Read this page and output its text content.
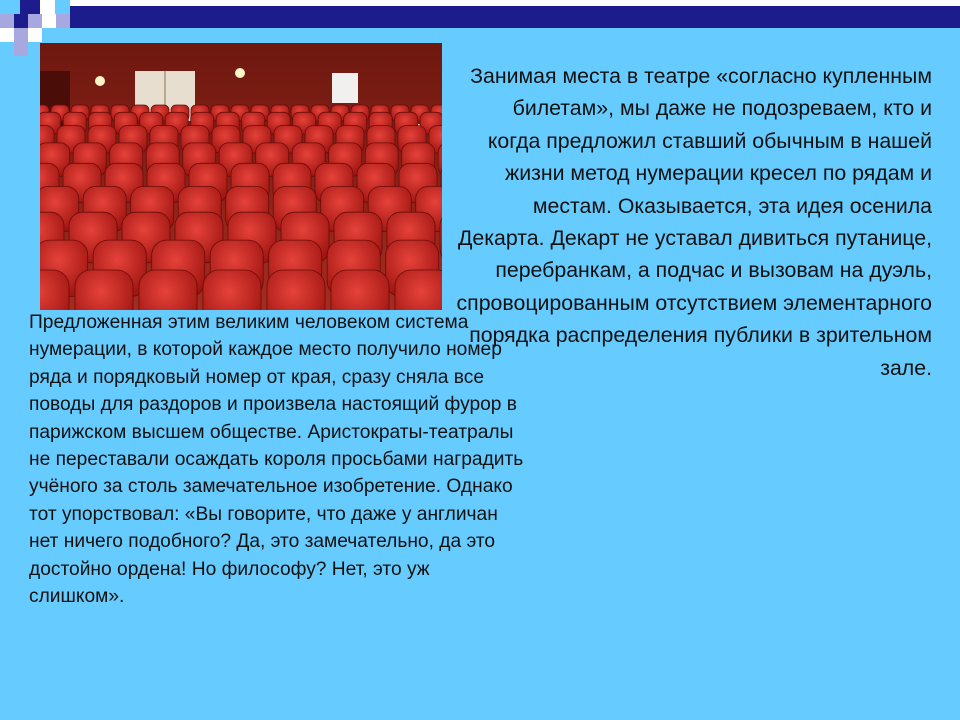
Занимая места в театре «согласно купленным билетам», мы даже не подозреваем, кто и когда предложил ставший обычным в нашей жизни метод нумерации кресел по рядам и местам. Оказывается, эта идея осенила Декарта. Декарт не уставал дивиться путанице, перебранкам, а подчас и вызовам на дуэль, спровоцированным отсутствием элементарного порядка распределения публики в зрительном зале.
Предложенная этим великим человеком система нумерации, в которой каждое место получило номер ряда и порядковый номер от края, сразу сняла все поводы для раздоров и произвела настоящий фурор в парижском высшем обществе. Аристократы-театралы не переставали осаждать короля просьбами наградить учёного за столь замечательное изобретение. Однако тот упорствовал: «Вы говорите, что даже у англичан нет ничего подобного? Да, это замечательно, да это достойно ордена! Но философу? Нет, это уж слишком».
